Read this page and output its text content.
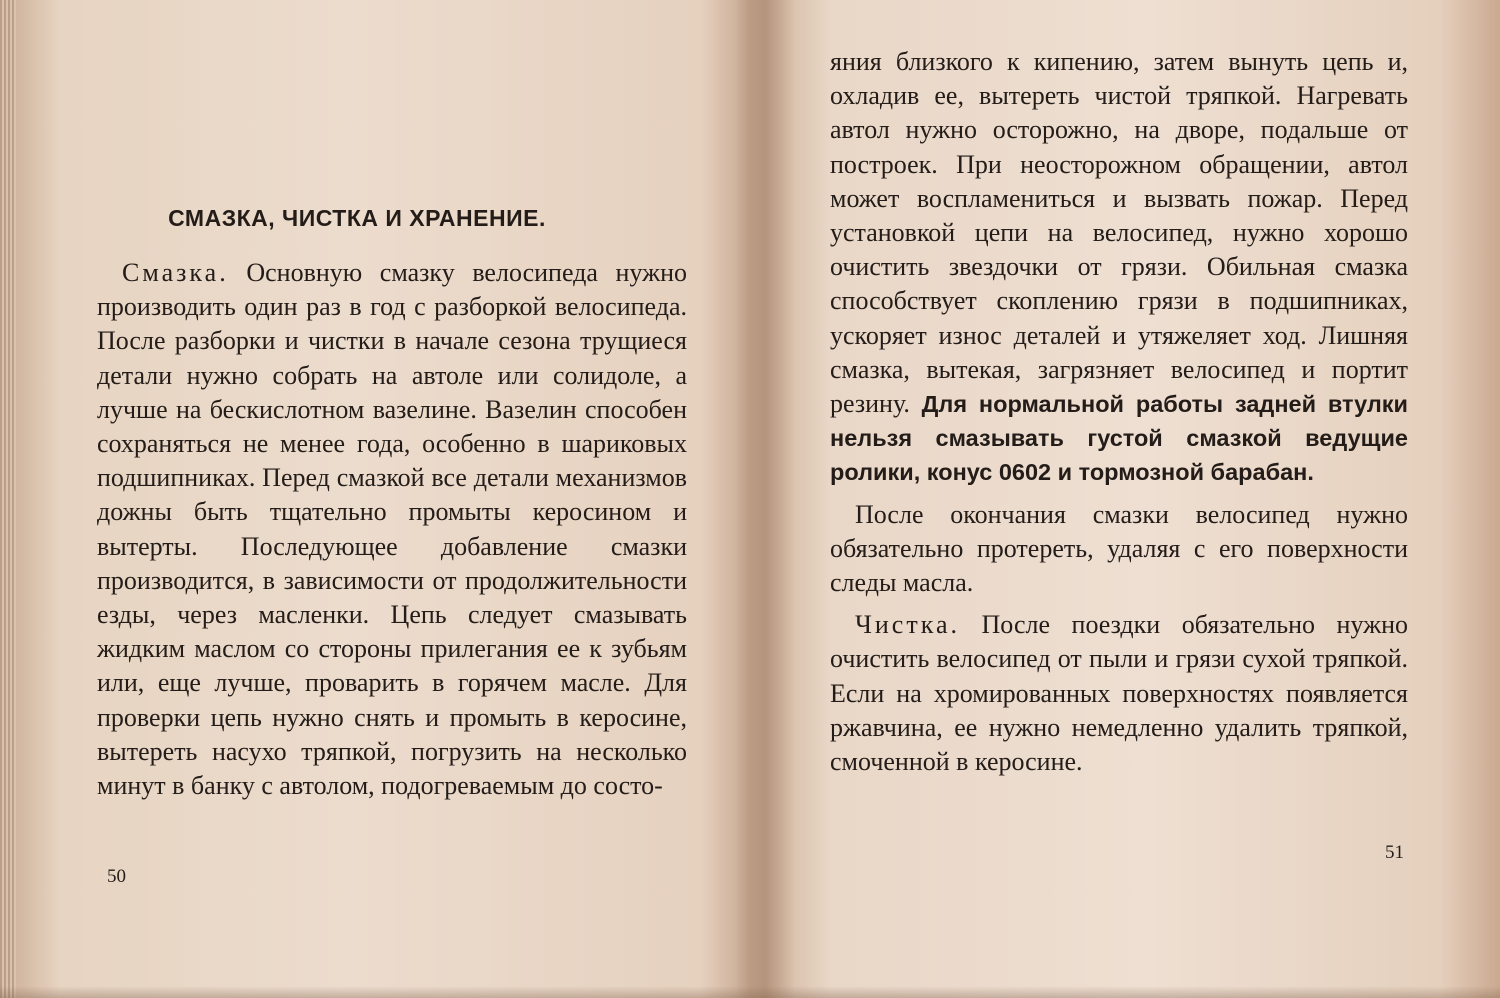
СМАЗКА, ЧИСТКА И ХРАНЕНИЕ.

Смазка. Основную смазку велосипеда нужно производить один раз в год с разборкой велосипеда. После разборки и чистки в начале сезона трущиеся детали нужно собрать на автоле или солидоле, а лучше на бескислотном вазелине. Вазелин способен сохраняться не менее года, особенно в шариковых подшипниках. Перед смазкой все детали механизмов дожны быть тщательно промыты керосином и вытерты. Последующее добавление смазки производится, в зависимости от продолжительности езды, через масленки. Цепь следует смазывать жидким маслом со стороны прилегания ее к зубьям или, еще лучше, проварить в горячем масле. Для проверки цепь нужно снять и промыть в керосине, вытереть насухо тряпкой, погрузить на несколько минут в банку с автолом, подогреваемым до состо-

яния близкого к кипению, затем вынуть цепь и, охладив ее, вытереть чистой тряпкой. Нагревать автол нужно осторожно, на дворе, подальше от построек. При неосторожном обращении, автол может воспламениться и вызвать пожар. Перед установкой цепи на велосипед, нужно хорошо очистить звездочки от грязи. Обильная смазка способствует скоплению грязи в подшипниках, ускоряет износ деталей и утяжеляет ход. Лишняя смазка, вытекая, загрязняет велосипед и портит резину. Для нормальной работы задней втулки нельзя смазывать густой смазкой ведущие ролики, конус 0602 и тормозной барабан.

После окончания смазки велосипед нужно обязательно протереть, удаляя с его поверхности следы масла.

Чистка. После поездки обязательно нужно очистить велосипед от пыли и грязи сухой тряпкой. Если на хромированных поверхностях появляется ржавчина, ее нужно немедленно удалить тряпкой, смоченной в керосине.

50
51
